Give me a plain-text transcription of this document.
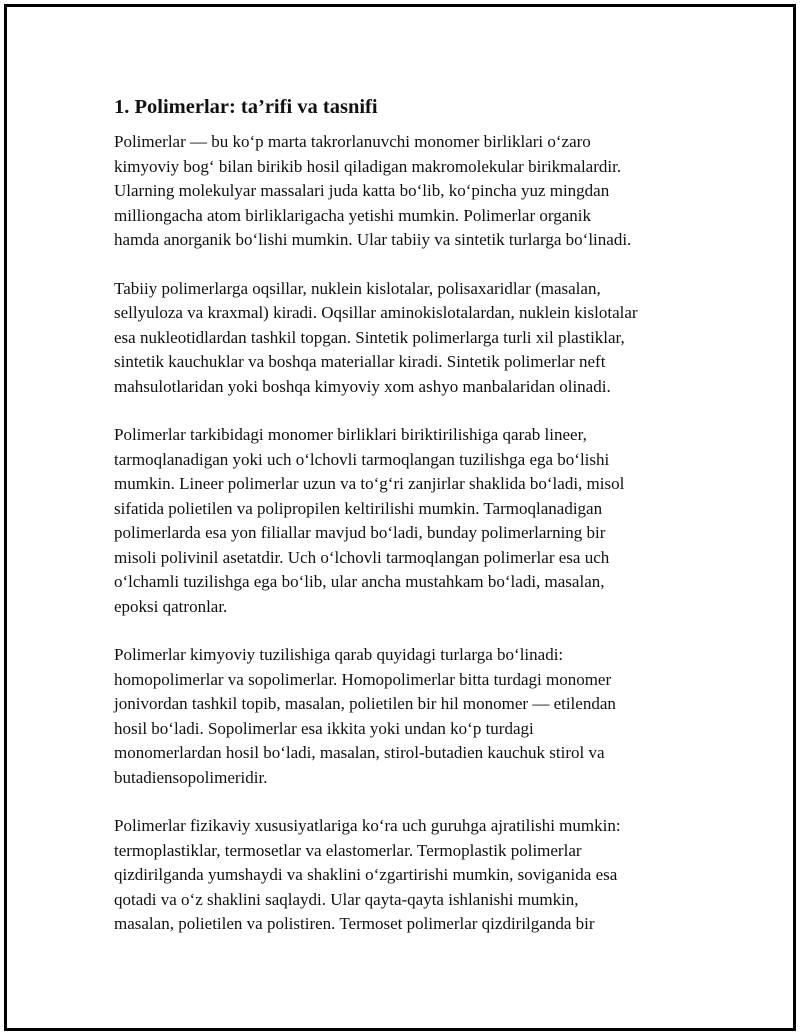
1. Polimerlar: ta’rifi va tasnifi
Polimerlar — bu ko‘p marta takrorlanuvchi monomer birliklari o‘zaro
kimyoviy bog‘ bilan birikib hosil qiladigan makromolekular birikmalardir.
Ularning molekulyar massalari juda katta bo‘lib, ko‘pincha yuz mingdan
milliongacha atom birliklarigacha yetishi mumkin. Polimerlar organik
hamda anorganik bo‘lishi mumkin. Ular tabiiy va sintetik turlarga bo‘linadi.
Tabiiy polimerlarga oqsillar, nuklein kislotalar, polisaxaridlar (masalan,
sellyuloza va kraxmal) kiradi. Oqsillar aminokislotalardan, nuklein kislotalar
esa nukleotidlardan tashkil topgan. Sintetik polimerlarga turli xil plastiklar,
sintetik kauchuklar va boshqa materiallar kiradi. Sintetik polimerlar neft
mahsulotlaridan yoki boshqa kimyoviy xom ashyo manbalaridan olinadi.
Polimerlar tarkibidagi monomer birliklari biriktirilishiga qarab lineer,
tarmoqlanadigan yoki uch o‘lchovli tarmoqlangan tuzilishga ega bo‘lishi
mumkin. Lineer polimerlar uzun va to‘g‘ri zanjirlar shaklida bo‘ladi, misol
sifatida polietilen va polipropilen keltirilishi mumkin. Tarmoqlanadigan
polimerlarda esa yon filiallar mavjud bo‘ladi, bunday polimerlarning bir
misoli polivinil asetatdir. Uch o‘lchovli tarmoqlangan polimerlar esa uch
o‘lchamli tuzilishga ega bo‘lib, ular ancha mustahkam bo‘ladi, masalan,
epoksi qatronlar.
Polimerlar kimyoviy tuzilishiga qarab quyidagi turlarga bo‘linadi:
homopolimerlar va sopolimerlar. Homopolimerlar bitta turdagi monomer
jonivordan tashkil topib, masalan, polietilen bir hil monomer — etilendan
hosil bo‘ladi. Sopolimerlar esa ikkita yoki undan ko‘p turdagi
monomerlardan hosil bo‘ladi, masalan, stirol-butadien kauchuk stirol va
butadiensopolimeridir.
Polimerlar fizikaviy xususiyatlariga ko‘ra uch guruhga ajratilishi mumkin:
termoplastiklar, termosetlar va elastomerlar. Termoplastik polimerlar
qizdirilganda yumshaydi va shaklini o‘zgartirishi mumkin, soviganida esa
qotadi va o‘z shaklini saqlaydi. Ular qayta-qayta ishlanishi mumkin,
masalan, polietilen va polistiren. Termoset polimerlar qizdirilganda bir
